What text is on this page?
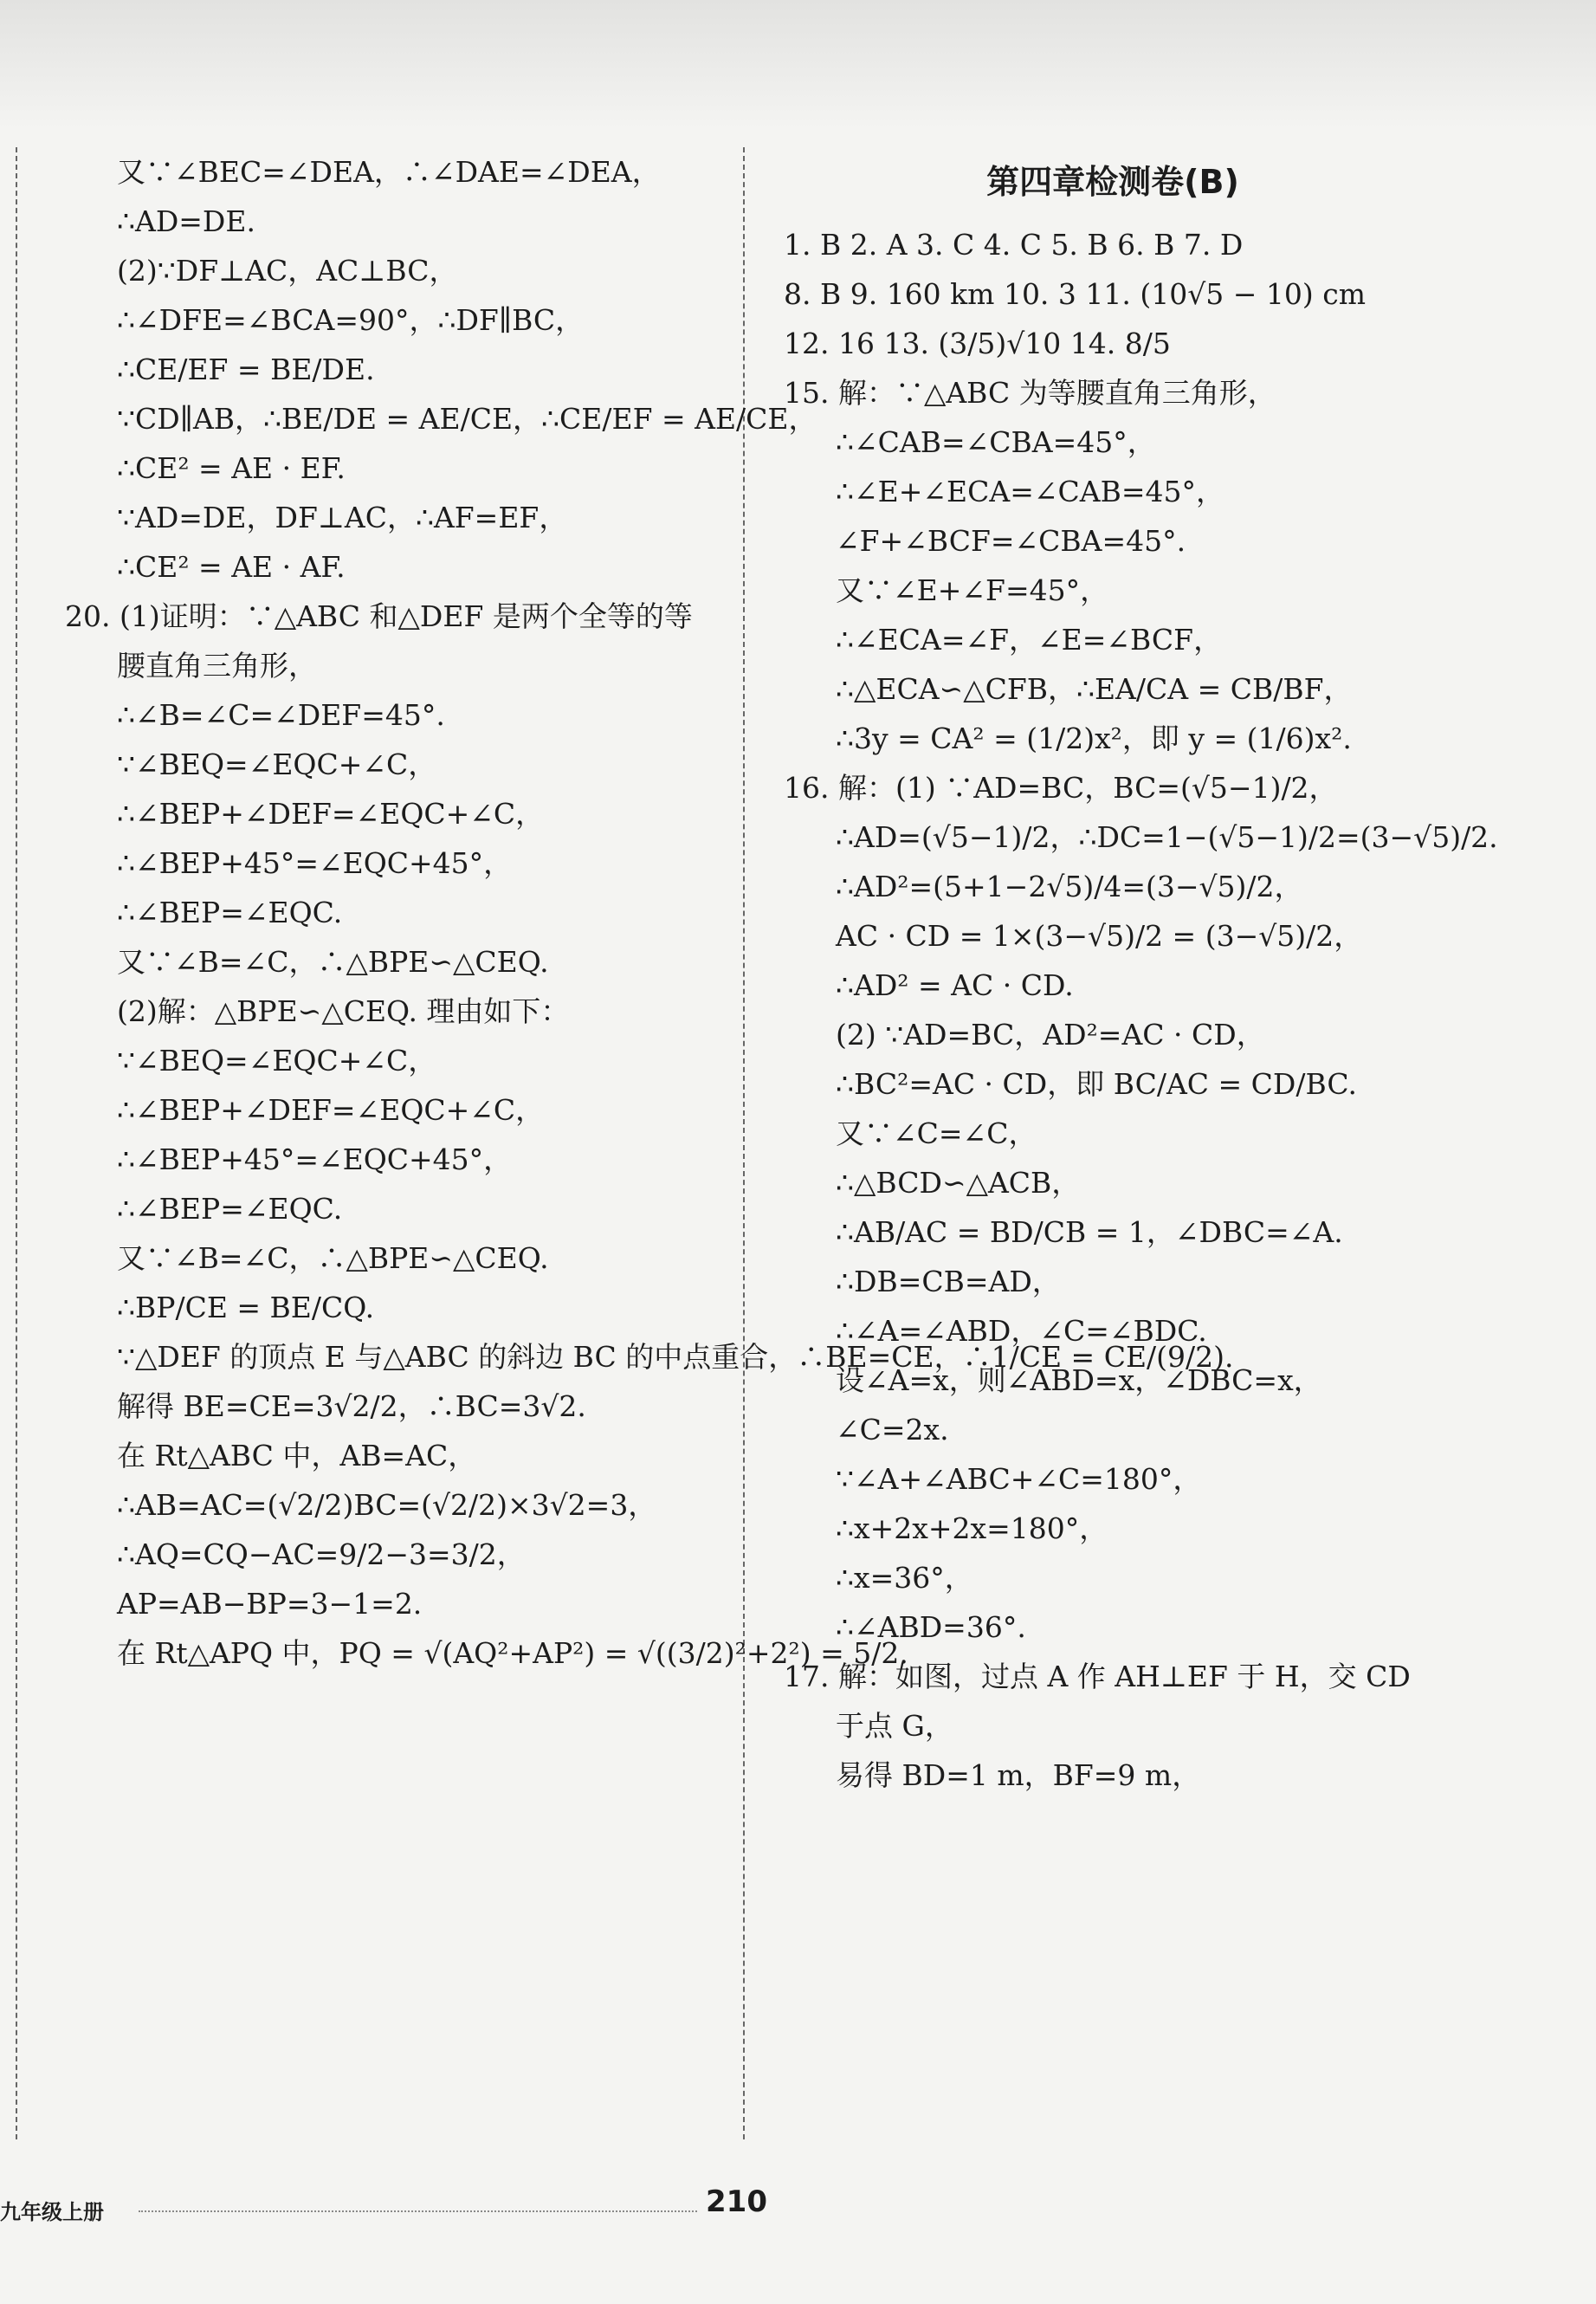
又∵∠BEC=∠DEA，∴∠DAE=∠DEA，
∴AD=DE.
(2)∵DF⊥AC，AC⊥BC，
∴∠DFE=∠BCA=90°，∴DF∥BC，
∴CE/EF = BE/DE.
∵CD∥AB，∴BE/DE = AE/CE，∴CE/EF = AE/CE，
∴CE² = AE · EF.
∵AD=DE，DF⊥AC，∴AF=EF，
∴CE² = AE · AF.
20. (1)证明：∵△ABC 和△DEF 是两个全等的等腰直角三角形，
∴∠B=∠C=∠DEF=45°.
∵∠BEQ=∠EQC+∠C，
∴∠BEP+∠DEF=∠EQC+∠C，
∴∠BEP+45°=∠EQC+45°，
∴∠BEP=∠EQC.
又∵∠B=∠C，∴△BPE∽△CEQ.
(2)解：△BPE∽△CEQ. 理由如下：
∵∠BEQ=∠EQC+∠C，
∴∠BEP+∠DEF=∠EQC+∠C，
∴∠BEP+45°=∠EQC+45°，
∴∠BEP=∠EQC.
又∵∠B=∠C，∴△BPE∽△CEQ.
∴BP/CE = BE/CQ.
∵△DEF 的顶点 E 与△ABC 的斜边 BC 的中点重合，∴BE=CE，∴1/CE = CE/(9/2).
解得 BE=CE=3√2/2，∴BC=3√2.
在 Rt△ABC 中，AB=AC，
∴AB=AC=(√2/2)BC=(√2/2)×3√2=3，
∴AQ=CQ−AC=9/2−3=3/2，
AP=AB−BP=3−1=2.
在 Rt△APQ 中，PQ = √(AQ²+AP²) = √((3/2)²+2²) = 5/2.
第四章检测卷(B)
1. B 2. A 3. C 4. C 5. B 6. B 7. D
8. B 9. 160 km 10. 3 11. (10√5 − 10) cm
12. 16 13. (3/5)√10 14. 8/5
15. 解：∵△ABC 为等腰直角三角形，
∴∠CAB=∠CBA=45°，
∴∠E+∠ECA=∠CAB=45°，
∠F+∠BCF=∠CBA=45°.
又∵∠E+∠F=45°，
∴∠ECA=∠F，∠E=∠BCF，
∴△ECA∽△CFB，∴EA/CA = CB/BF，
∴3y = CA² = (1/2)x²，即 y = (1/6)x².
16. 解：(1) ∵AD=BC，BC=(√5−1)/2，
∴AD=(√5−1)/2，∴DC=1−(√5−1)/2=(3−√5)/2.
∴AD²=(5+1−2√5)/4=(3−√5)/2，
AC · CD = 1×(3−√5)/2 = (3−√5)/2，
∴AD² = AC · CD.
(2) ∵AD=BC，AD²=AC · CD，
∴BC²=AC · CD，即 BC/AC = CD/BC.
又∵∠C=∠C，
∴△BCD∽△ACB，
∴AB/AC = BD/CB = 1，∠DBC=∠A.
∴DB=CB=AD，
∴∠A=∠ABD，∠C=∠BDC.
设∠A=x，则∠ABD=x，∠DBC=x，
∠C=2x.
∵∠A+∠ABC+∠C=180°，
∴x+2x+2x=180°，
∴x=36°，
∴∠ABD=36°.
17. 解：如图，过点 A 作 AH⊥EF 于 H，交 CD 于点 G，
易得 BD=1 m，BF=9 m，
九年级上册	210
